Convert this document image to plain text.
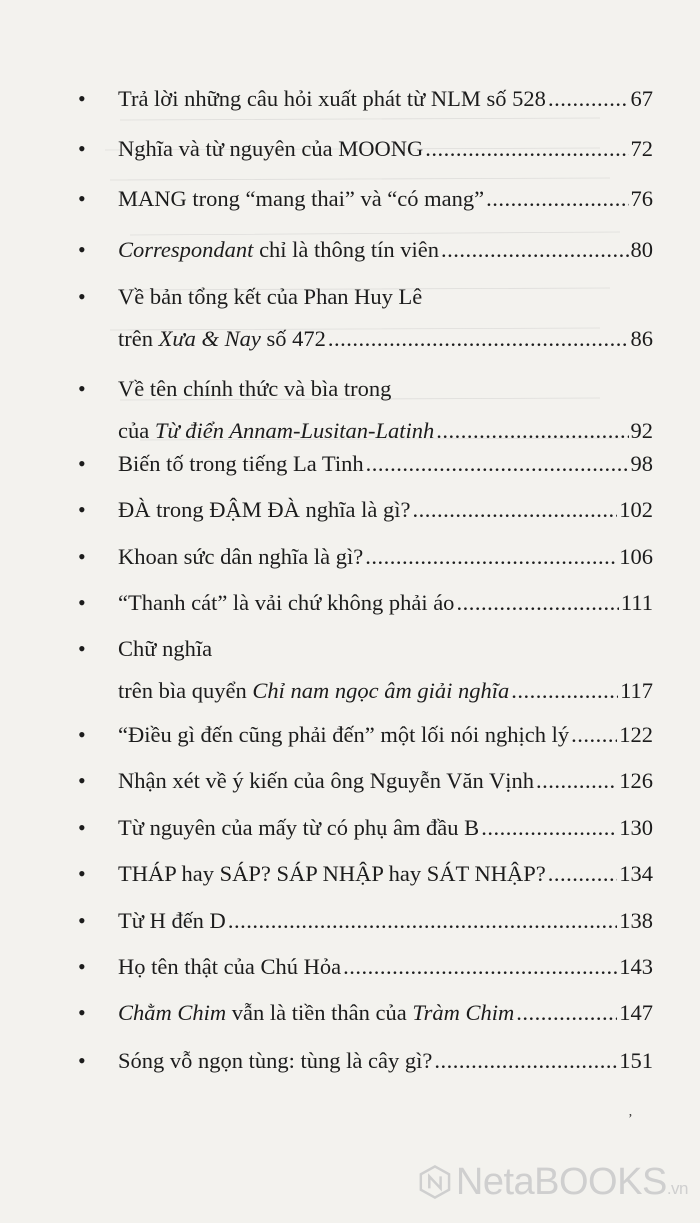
•	Trả lời những câu hỏi xuất phát từ NLM số 528 .....	67
•	Nghĩa và từ nguyên của MOONG .....	72
•	MANG trong “mang thai” và “có mang” .....	76
•	Correspondant chỉ là thông tín viên .....	80
•	Về bản tổng kết của Phan Huy Lê
trên Xưa & Nay số 472 .....	86
•	Về tên chính thức và bìa trong
của Từ điển Annam-Lusitan-Latinh .....	92
•	Biến tố trong tiếng La Tinh .....	98
•	ĐÀ trong ĐẬM ĐÀ nghĩa là gì? .....	102
•	Khoan sức dân nghĩa là gì? .....	106
•	“Thanh cát” là vải chứ không phải áo .....	111
•	Chữ nghĩa
trên bìa quyển Chỉ nam ngọc âm giải nghĩa .....	117
•	“Điều gì đến cũng phải đến” một lối nói nghịch lý ..... 122
•	Nhận xét về ý kiến của ông Nguyễn Văn Vịnh .....	126
•	Từ nguyên của mấy từ có phụ âm đầu B .....	130
•	THÁP hay SÁP? SÁP NHẬP hay SÁT NHẬP? .....	134
•	Từ H đến D .....	138
•	Họ tên thật của Chú Hỏa .....	143
•	Chằm Chim vẫn là tiền thân của Tràm Chim .....	147
•	Sóng vỗ ngọn tùng: tùng là cây gì? .....	151
’
NetaBOOKS.vn
